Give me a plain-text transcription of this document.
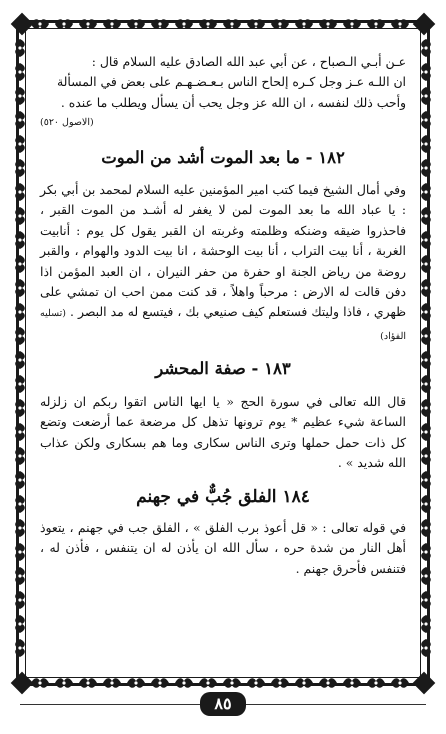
عـن أبـي الـصباح ، عن أبي عبد الله الصادق عليه السلام قال :

ان اللـه عـز وجل كـره إلحاح الناس بـعـضـهـم على بعض في المسألة

وأحب ذلك لنفسه ، ان الله عز وجل يحب أن يسأل ويطلب ما عنده .

(الاصول ٥٢٠)
١٨٢ - ما بعد الموت أشد من الموت

وفي أمال الشيخ فيما كتب امير المؤمنين عليه السلام لمحمد بن أبي بكر : يا عباد الله ما بعد الموت لمن لا يغفر له أشـد من الموت القبر ، فاحذروا ضيقه وضنكه وظلمته وغربته ان القبر يقول كل يوم : أنابيت الغربة ، أنا بيت التراب ، أنا بيت الوحشة ، انا بيت الدود والهوام ، والقبر روضة من رياض الجنة او حفرة من حفر النيران ، ان العبد المؤمن اذا دفن قالت له الارض : مرحباً واهلاً ، قد كنت ممن احب ان تمشي على ظهري ، فاذا وليتك فستعلم كيف صنيعي بك ، فيتسع له مد البصر . (تسليه الفؤاد)

١٨٣ - صفة المحشر

قال الله تعالى في سورة الحج « يا ايها الناس اتقوا ربكم ان زلزله الساعة شيء عظيم * يوم ترونها تذهل كل مرضعة عما أرضعت وتضع كل ذات حمل حملها وترى الناس سكارى وما هم بسكارى ولكن عذاب الله شديد » .

١٨٤ الفلق جُبٌّ في جهنم

في قوله تعالى : « قل أعوذ برب الفلق » ، الفلق جب في جهنم ، يتعوذ أهل النار من شدة حره ، سأل الله ان يأذن له ان يتنفس ، فأذن له ، فتنفس فأحرق جهنم .

٨٥
